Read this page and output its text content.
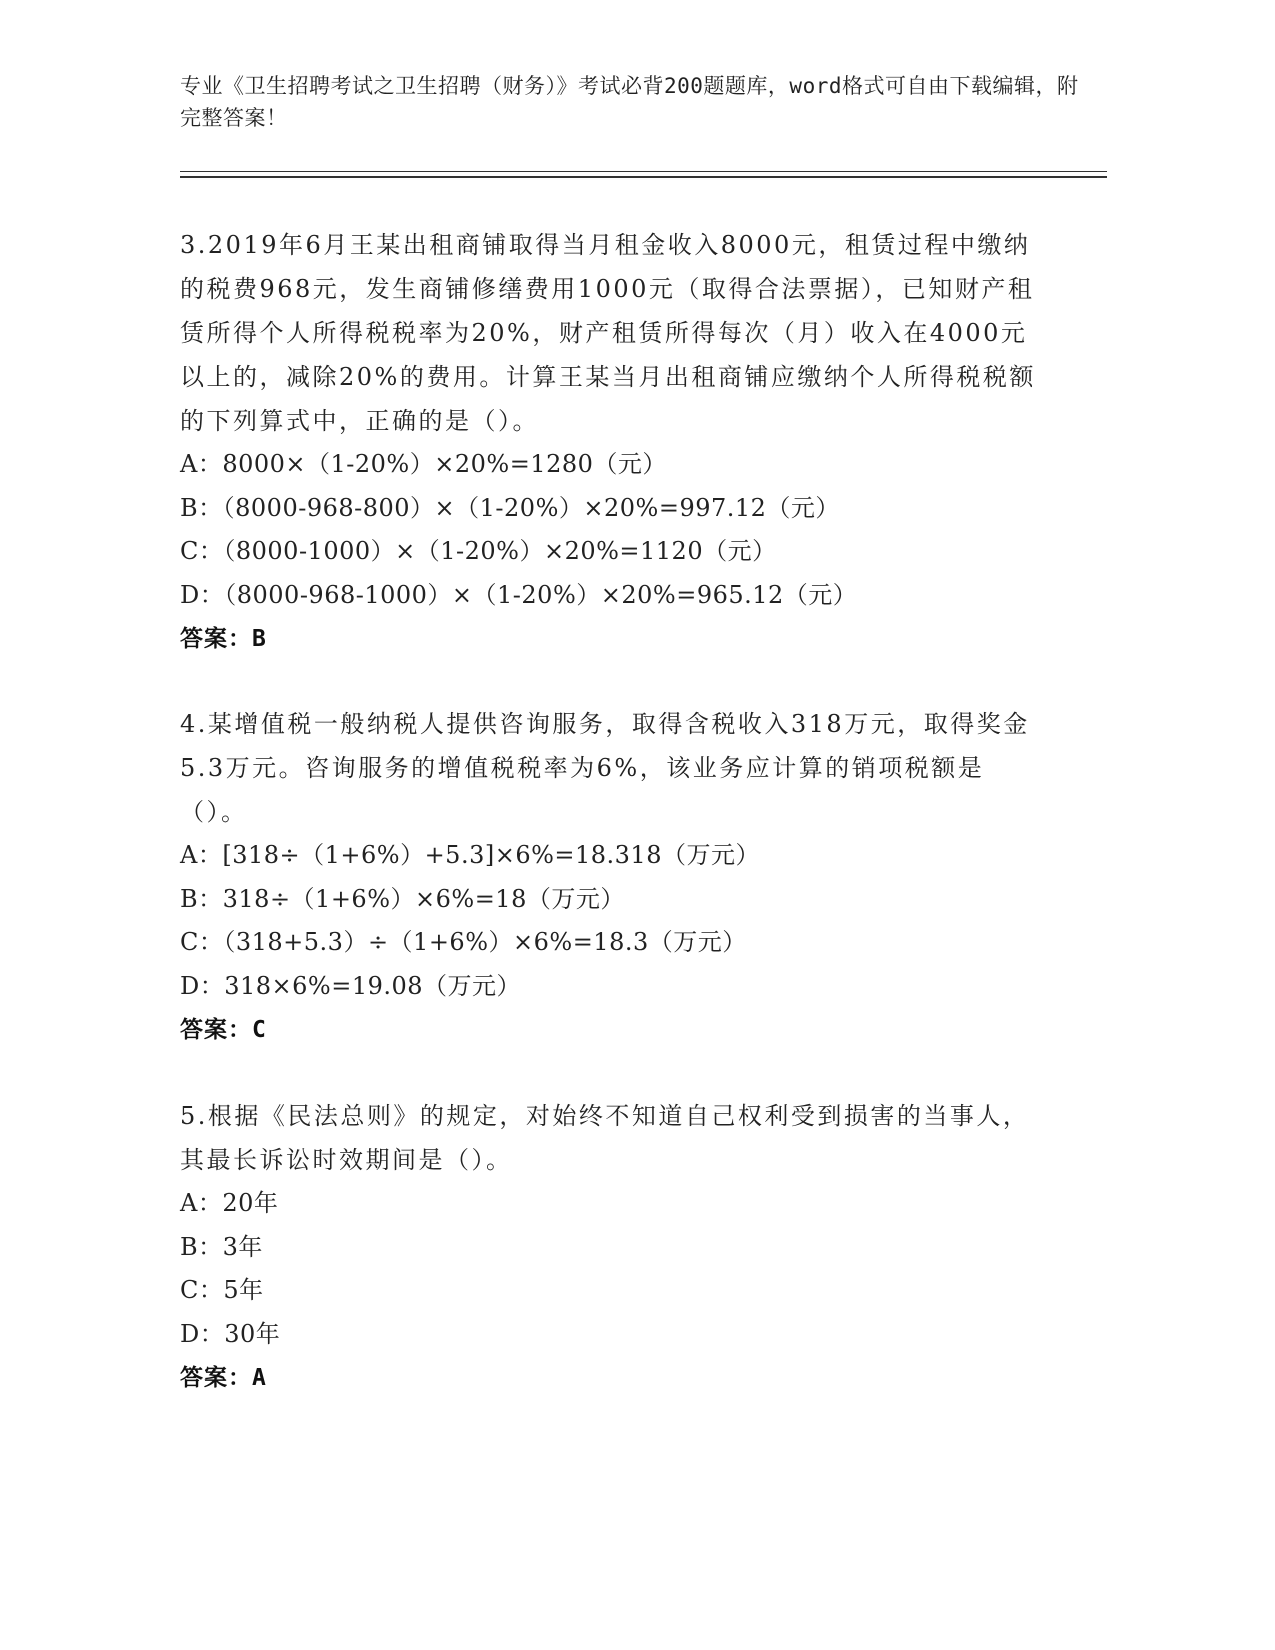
专业《卫生招聘考试之卫生招聘（财务）》考试必背200题题库，word格式可自由下载编辑，附完整答案！
3.2019年6月王某出租商铺取得当月租金收入8000元，租赁过程中缴纳的税费968元，发生商铺修缮费用1000元（取得合法票据），已知财产租赁所得个人所得税税率为20%，财产租赁所得每次（月）收入在4000元以上的，减除20%的费用。计算王某当月出租商铺应缴纳个人所得税税额的下列算式中，正确的是（）。
A：8000×（1-20%）×20%=1280（元）
B：（8000-968-800）×（1-20%）×20%=997.12（元）
C：（8000-1000）×（1-20%）×20%=1120（元）
D：（8000-968-1000）×（1-20%）×20%=965.12（元）
答案：B
4.某增值税一般纳税人提供咨询服务，取得含税收入318万元，取得奖金5.3万元。咨询服务的增值税税率为6%，该业务应计算的销项税额是（）。
A：[318÷（1+6%）+5.3]×6%=18.318（万元）
B：318÷（1+6%）×6%=18（万元）
C：（318+5.3）÷（1+6%）×6%=18.3（万元）
D：318×6%=19.08（万元）
答案：C
5.根据《民法总则》的规定，对始终不知道自己权利受到损害的当事人，其最长诉讼时效期间是（）。
A：20年
B：3年
C：5年
D：30年
答案：A
